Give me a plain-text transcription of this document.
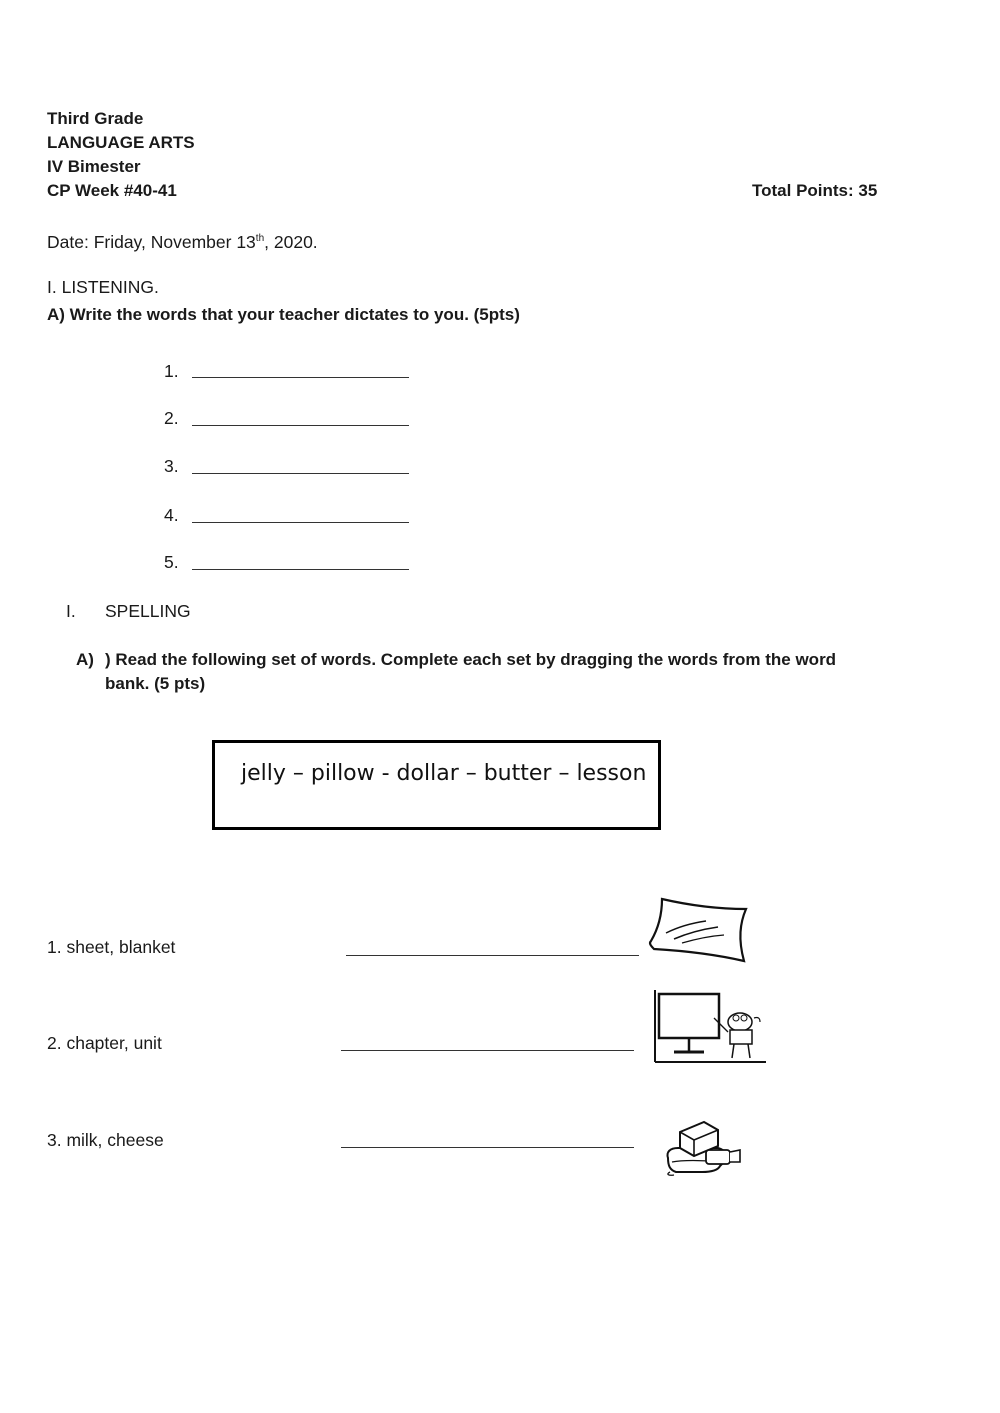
Third Grade
LANGUAGE ARTS
IV Bimester
CP Week #40-41	Total Points: 35
Date: Friday, November 13th, 2020.
I. LISTENING.
A) Write the words that your teacher dictates to you. (5pts)
1.
2.
3.
4.
5.
I. SPELLING
A) ) Read the following set of words. Complete each set by dragging the words from the word
bank. (5 pts)
jelly – pillow - dollar – butter – lesson
1. sheet, blanket
2. chapter, unit
3. milk, cheese
